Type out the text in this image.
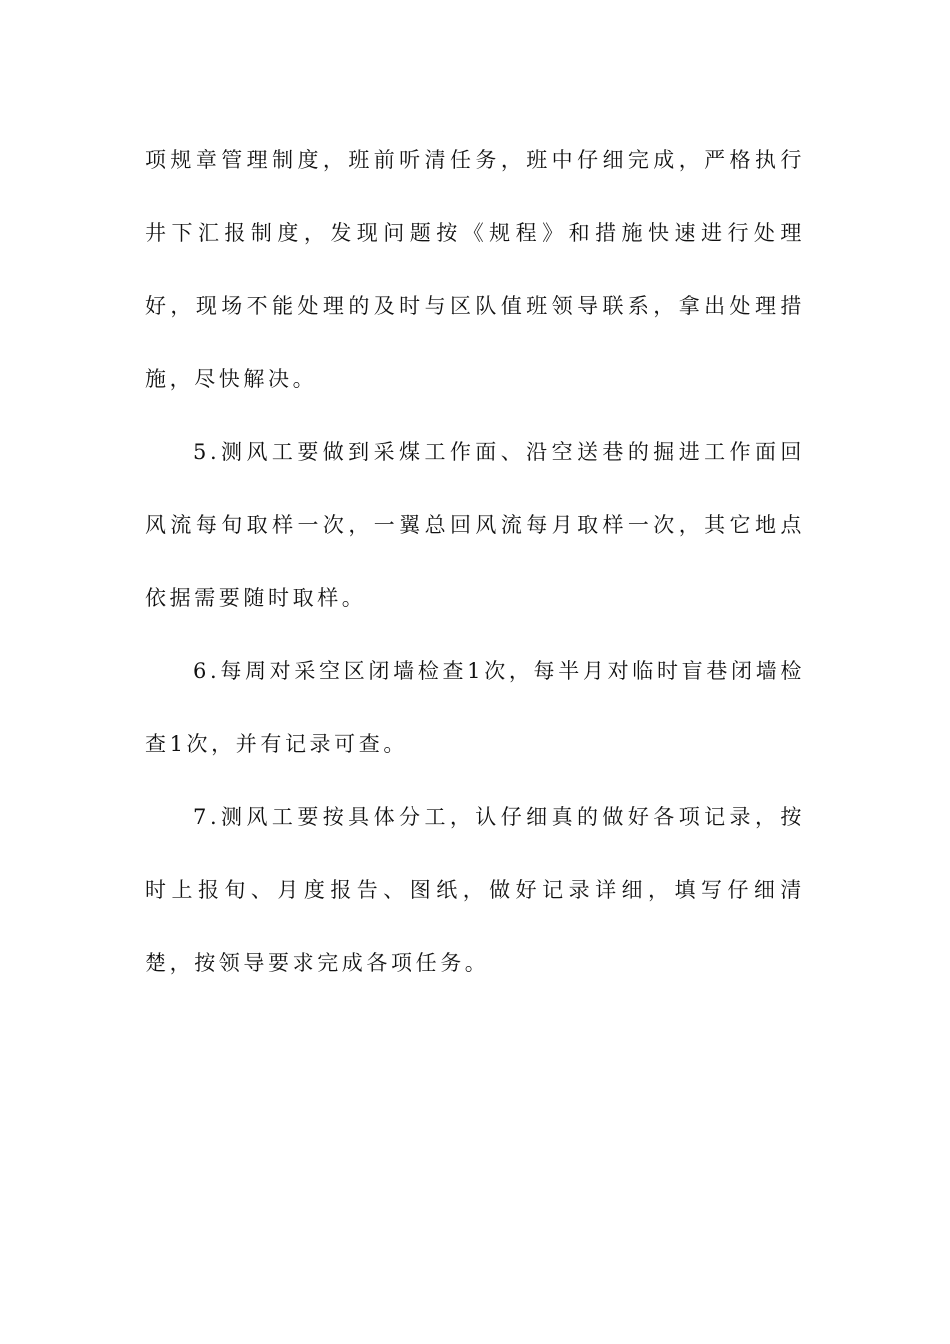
项规章管理制度，班前听清任务，班中仔细完成，严格执行井下汇报制度，发现问题按《规程》和措施快速进行处理好，现场不能处理的及时与区队值班领导联系，拿出处理措施，尽快解决。

5.测风工要做到采煤工作面、沿空送巷的掘进工作面回风流每旬取样一次，一翼总回风流每月取样一次，其它地点依据需要随时取样。

6.每周对采空区闭墙检查1次，每半月对临时盲巷闭墙检查1次，并有记录可查。

7.测风工要按具体分工，认仔细真的做好各项记录，按时上报旬、月度报告、图纸，做好记录详细，填写仔细清楚，按领导要求完成各项任务。
